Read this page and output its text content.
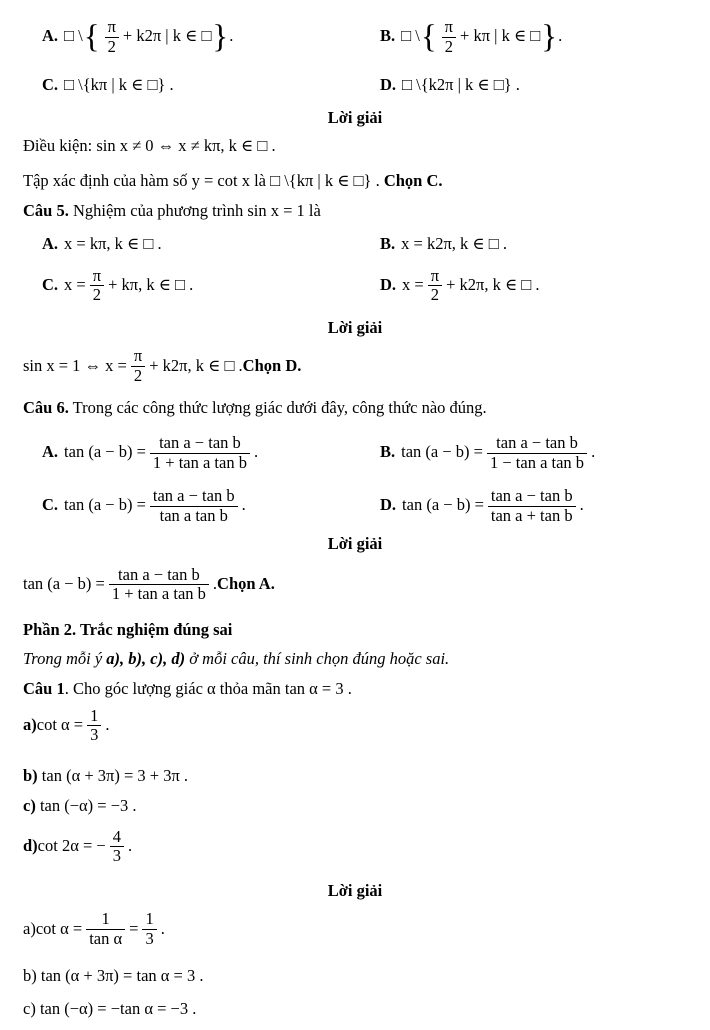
A. □ \{ $\frac{\pi}{2} + k2\pi$ | k ∈ □}.	B. □ \{ $\frac{\pi}{2} + k\pi$ | k ∈ □}.
C. □ \{kπ | k ∈ □} .	D. □ \{k2π | k ∈ □} .
Lời giải
Điều kiện: sin x ≠ 0 ⇔ x ≠ kπ, k ∈ □ .
Tập xác định của hàm số y = cot x là □ \{kπ | k ∈ □} . Chọn C.
Câu 5. Nghiệm của phương trình sin x = 1 là
A. x = kπ, k ∈ □ .	B. x = k2π, k ∈ □ .
C. $x = \frac{\pi}{2} + k\pi$, k ∈ □ .	D. $x = \frac{\pi}{2} + k2\pi$, k ∈ □ .
Lời giải
sin x = 1 ⇔ $x = \frac{\pi}{2} + k2\pi$, k ∈ □ . Chọn D.
Câu 6. Trong các công thức lượng giác dưới đây, công thức nào đúng.
A. $\tan (a - b) = \frac{\text{tan a − tan b}}{\text{1 + tan a tan b}}$ .	B. $\tan (a - b) = \frac{\text{tan a − tan b}}{\text{1 − tan a tan b}}$ .
C. $\tan (a - b) = \frac{\text{tan a − tan b}}{\text{tan a tan b}}$ .	D. $\tan (a - b) = \frac{\text{tan a − tan b}}{\text{tan a + tan b}}$ .
Lời giải
$\tan (a - b) = \frac{\text{tan a − tan b}}{\text{1 + tan a tan b}}$ . Chọn A.
Phần 2. Trắc nghiệm đúng sai
Trong mỗi ý a), b), c), d) ở mỗi câu, thí sinh chọn đúng hoặc sai.
Câu 1. Cho góc lượng giác α thỏa mãn tan α = 3 .
a) $\cot \alpha = \frac{1}{3}$ .
b) tan (α + 3π) = 3 + 3π .
c) tan (−α) = −3 .
d) cot 2α = − $\frac{4}{3}$ .
Lời giải
a) $\cot \alpha = \frac{1}{\text{tan α}} = \frac{1}{3}$ .
b) tan (α + 3π) = tan α = 3 .
c) tan (−α) = −tan α = −3 .
